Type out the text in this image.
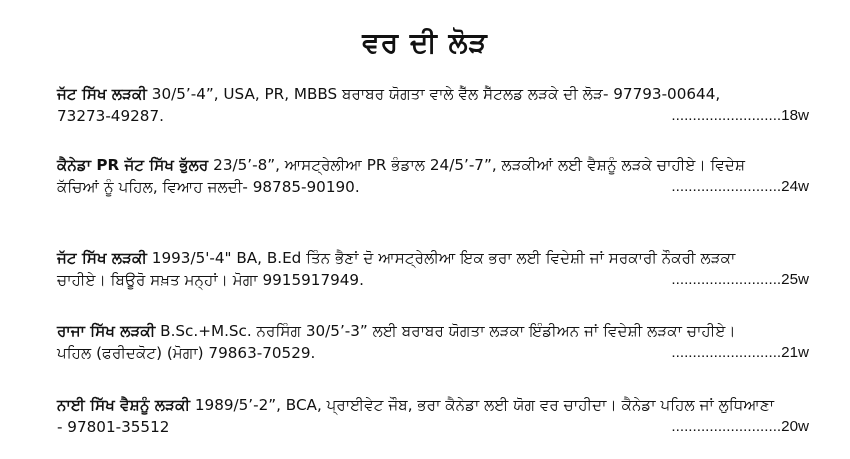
ਵਰ ਦੀ ਲੋੜ
ਜੱਟ ਸਿੱਖ ਲੜਕੀ 30/5’-4”, USA, PR, MBBS ਬਰਾਬਰ ਯੋਗਤਾ ਵਾਲੇ ਵੈੱਲ ਸੈੱਟਲਡ ਲੜਕੇ ਦੀ ਲੋੜ- 97793-00644,
73273-49287.	..........................18w
ਕੈਨੇਡਾ PR ਜੱਟ ਸਿੱਖ ਭੁੱਲਰ 23/5’-8”, ਆਸਟ੍ਰੇਲੀਆ PR ਭੰਡਾਲ 24/5’-7”, ਲੜਕੀਆਂ ਲਈ ਵੈਸ਼ਨੂੰ ਲੜਕੇ ਚਾਹੀਏ। ਵਿਦੇਸ਼
ਕੱਚਿਆਂ ਨੂੰ ਪਹਿਲ, ਵਿਆਹ ਜਲਦੀ- 98785-90190.	..........................24w
ਜੱਟ ਸਿੱਖ ਲੜਕੀ 1993/5'-4" BA, B.Ed ਤਿੰਨ ਭੈਣਾਂ ਦੋ ਆਸਟ੍ਰੇਲੀਆ ਇਕ ਭਰਾ ਲਈ ਵਿਦੇਸ਼ੀ ਜਾਂ ਸਰਕਾਰੀ ਨੌਕਰੀ ਲੜਕਾ
ਚਾਹੀਏ। ਬਿਊਰੋ ਸਖ਼ਤ ਮਨ੍ਹਾਂ। ਮੋਗਾ 9915917949.	..........................25w
ਰਾਜਾ ਸਿੱਖ ਲੜਕੀ B.Sc.+M.Sc. ਨਰਸਿੰਗ 30/5’-3” ਲਈ ਬਰਾਬਰ ਯੋਗਤਾ ਲੜਕਾ ਇੰਡੀਅਨ ਜਾਂ ਵਿਦੇਸ਼ੀ ਲੜਕਾ ਚਾਹੀਏ।
ਪਹਿਲ (ਫਰੀਦਕੋਟ) (ਮੋਗਾ) 79863-70529.	..........................21w
ਨਾਈ ਸਿੱਖ ਵੈਸ਼ਨੂੰ ਲੜਕੀ 1989/5’-2”, BCA, ਪ੍ਰਾਈਵੇਟ ਜੌਬ, ਭਰਾ ਕੈਨੇਡਾ ਲਈ ਯੋਗ ਵਰ ਚਾਹੀਦਾ। ਕੈਨੇਡਾ ਪਹਿਲ ਜਾਂ ਲੁਧਿਆਣਾ
- 97801-35512	..........................20w
